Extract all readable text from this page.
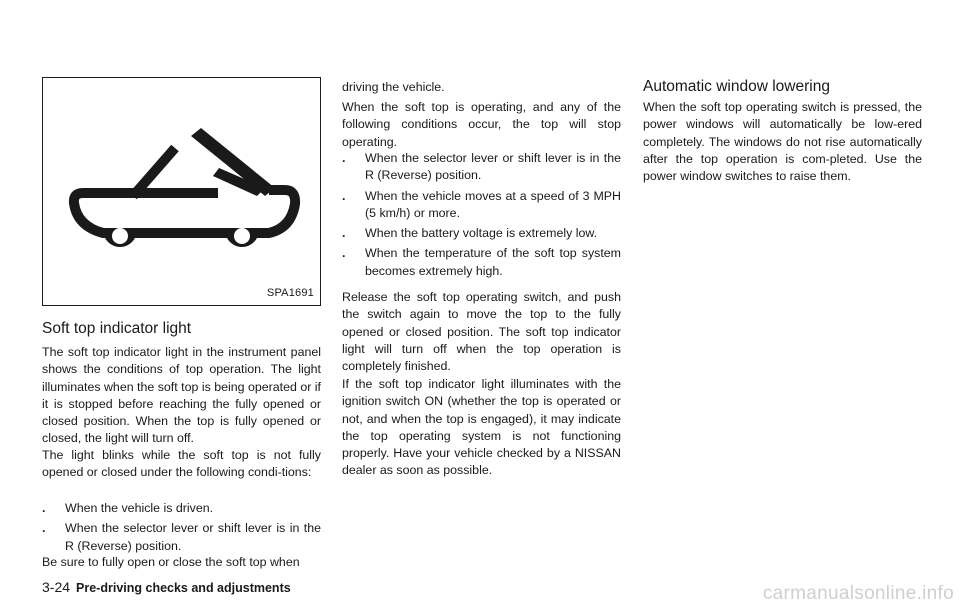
SPA1691
Soft top indicator light

The soft top indicator light in the instrument panel shows the conditions of top operation. The light illuminates when the soft top is being operated or if it is stopped before reaching the fully opened or closed position. When the top is fully opened or closed, the light will turn off.

The light blinks while the soft top is not fully opened or closed under the following condi-tions:

. When the vehicle is driven.
. When the selector lever or shift lever is in the R (Reverse) position.

Be sure to fully open or close the soft top when

driving the vehicle.

When the soft top is operating, and any of the following conditions occur, the top will stop operating.

. When the selector lever or shift lever is in the R (Reverse) position.
. When the vehicle moves at a speed of 3 MPH (5 km/h) or more.
. When the battery voltage is extremely low.
. When the temperature of the soft top system becomes extremely high.

Release the soft top operating switch, and push the switch again to move the top to the fully opened or closed position. The soft top indicator light will turn off when the top operation is completely finished.

If the soft top indicator light illuminates with the ignition switch ON (whether the top is operated or not, and when the top is engaged), it may indicate the top operating system is not functioning properly. Have your vehicle checked by a NISSAN dealer as soon as possible.

Automatic window lowering

When the soft top operating switch is pressed, the power windows will automatically be low-ered completely. The windows do not rise automatically after the top operation is com-pleted. Use the power window switches to raise them.

3-24 Pre-driving checks and adjustments	carmanualsonline.info
